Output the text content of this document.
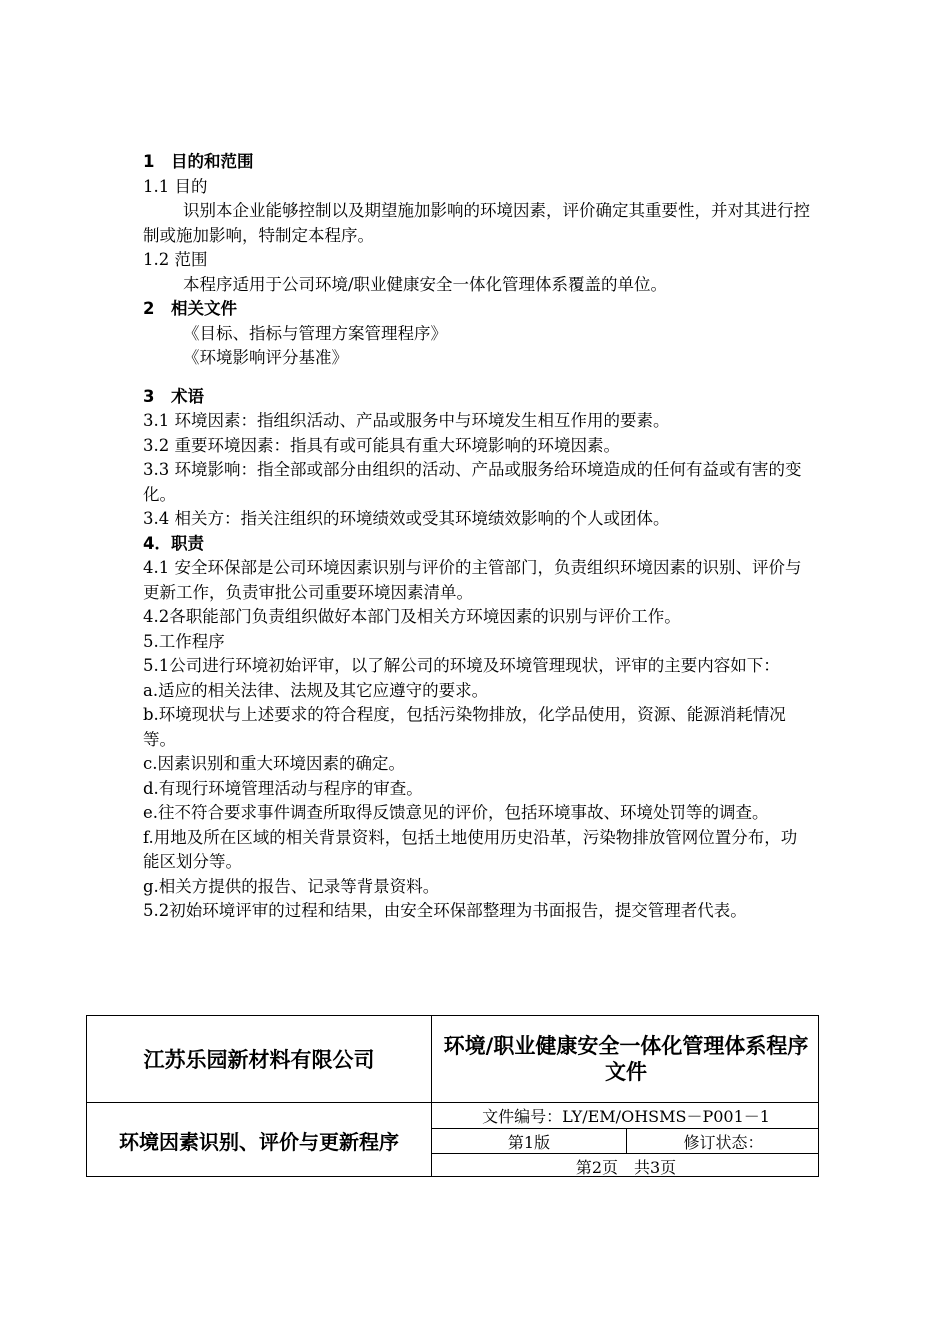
1　目的和范围

1.1 目的

识别本企业能够控制以及期望施加影响的环境因素，评价确定其重要性，并对其进行控制或施加影响，特制定本程序。

1.2 范围

本程序适用于公司环境/职业健康安全一体化管理体系覆盖的单位。

2　相关文件

《目标、指标与管理方案管理程序》

《环境影响评分基准》

3　术语

3.1 环境因素：指组织活动、产品或服务中与环境发生相互作用的要素。

3.2 重要环境因素：指具有或可能具有重大环境影响的环境因素。

3.3 环境影响：指全部或部分由组织的活动、产品或服务给环境造成的任何有益或有害的变化。

3.4 相关方：指关注组织的环境绩效或受其环境绩效影响的个人或团体。

4．职责

4.1 安全环保部是公司环境因素识别与评价的主管部门，负责组织环境因素的识别、评价与更新工作，负责审批公司重要环境因素清单。

4.2各职能部门负责组织做好本部门及相关方环境因素的识别与评价工作。

5.工作程序

5.1公司进行环境初始评审，以了解公司的环境及环境管理现状，评审的主要内容如下：

a.适应的相关法律、法规及其它应遵守的要求。

b.环境现状与上述要求的符合程度，包括污染物排放，化学品使用，资源、能源消耗情况等。

c.因素识别和重大环境因素的确定。

d.有现行环境管理活动与程序的审查。

e.往不符合要求事件调查所取得反馈意见的评价，包括环境事故、环境处罚等的调查。

f.用地及所在区域的相关背景资料，包括土地使用历史沿革，污染物排放管网位置分布，功能区划分等。

g.相关方提供的报告、记录等背景资料。

5.2初始环境评审的过程和结果，由安全环保部整理为书面报告，提交管理者代表。

江苏乐园新材料有限公司
环境/职业健康安全一体化管理体系程序文件
环境因素识别、评价与更新程序
文件编号：LY/EM/OHSMS－P001－1
第1版	修订状态：
第2页　共3页
